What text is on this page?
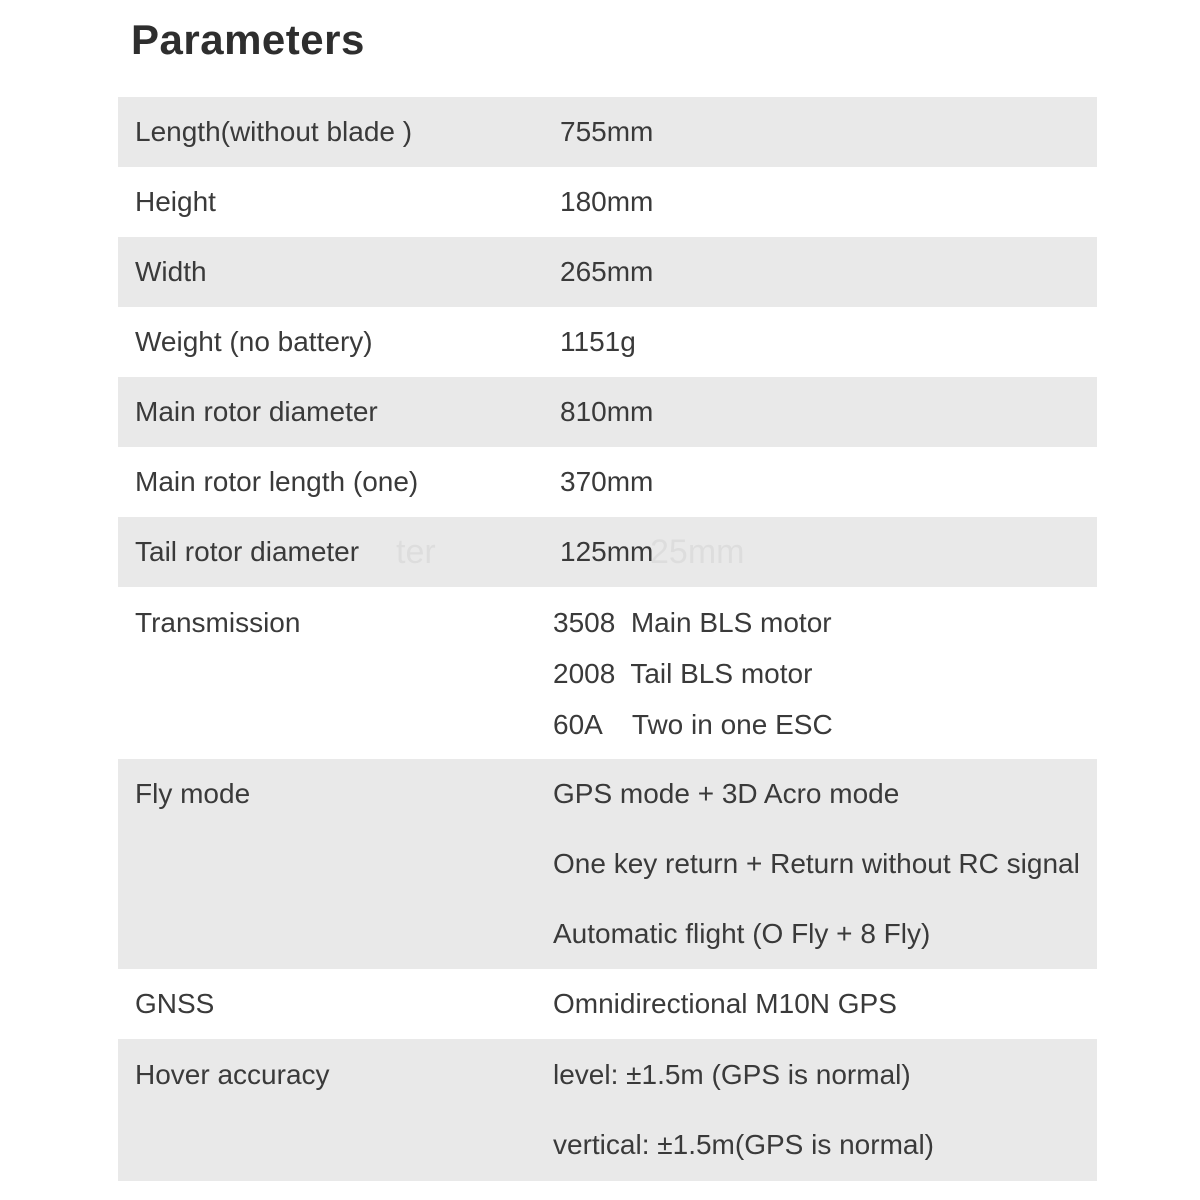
Parameters
Length(without blade )	755mm
Height	180mm
Width	265mm
Weight (no battery)	1151g
Main rotor diameter	810mm
Main rotor length (one)	370mm
Tail rotor diameter	125mm
ter	25mm
Transmission	3508  Main BLS motor
2008  Tail BLS motor
60A    Two in one ESC
Fly mode	GPS mode + 3D Acro mode
One key return + Return without RC signal
Automatic flight (O Fly + 8 Fly)
GNSS	Omnidirectional M10N GPS
Hover accuracy	level: ±1.5m (GPS is normal)
vertical: ±1.5m(GPS is normal)
